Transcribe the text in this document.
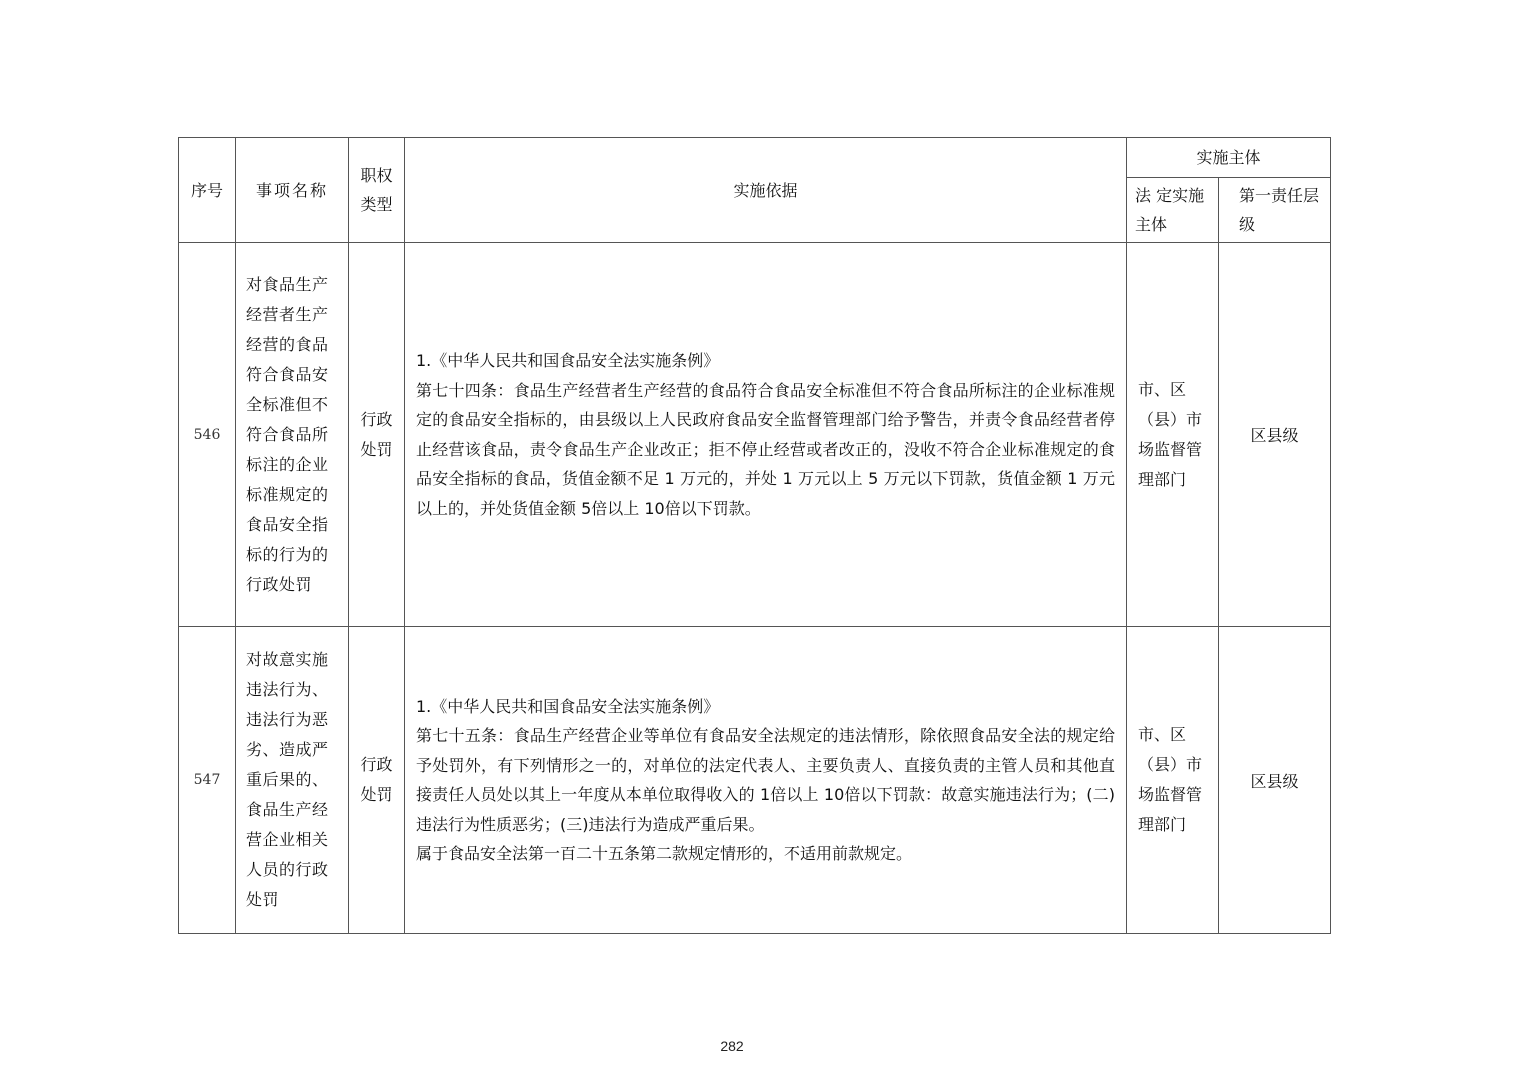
序号	事项名称	职权类型	实施依据	实施主体	
				法 定实施主体	第一责任层级

546	对食品生产经营者生产经营的食品符合食品安全标准但不符合食品所标注的企业标准规定的食品安全指标的行为的行政处罚	行政处罚	1.《中华人民共和国食品安全法实施条例》

第七十四条：食品生产经营者生产经营的食品符合食品安全标准但不符合食品所标注的企业标准规定的食品安全指标的，由县级以上人民政府食品安全监督管理部门给予警告，并责令食品经营者停止经营该食品，责令食品生产企业改正；拒不停止经营或者改正的，没收不符合企业标准规定的食品安全指标的食品，货值金额不足 1 万元的，并处 1 万元以上 5 万元以下罚款，货值金额 1 万元以上的，并处货值金额 5倍以上 10倍以下罚款。	市、区（县）市场监督管理部门	区县级
547	对故意实施违法行为、违法行为恶劣、造成严重后果的、食品生产经营企业相关人员的行政处罚	行政处罚	1.《中华人民共和国食品安全法实施条例》

第七十五条：食品生产经营企业等单位有食品安全法规定的违法情形，除依照食品安全法的规定给予处罚外，有下列情形之一的，对单位的法定代表人、主要负责人、直接负责的主管人员和其他直接责任人员处以其上一年度从本单位取得收入的 1倍以上 10倍以下罚款：故意实施违法行为；(二)违法行为性质恶劣；(三)违法行为造成严重后果。

属于食品安全法第一百二十五条第二款规定情形的，不适用前款规定。	市、区（县）市场监督管理部门	区县级
282
